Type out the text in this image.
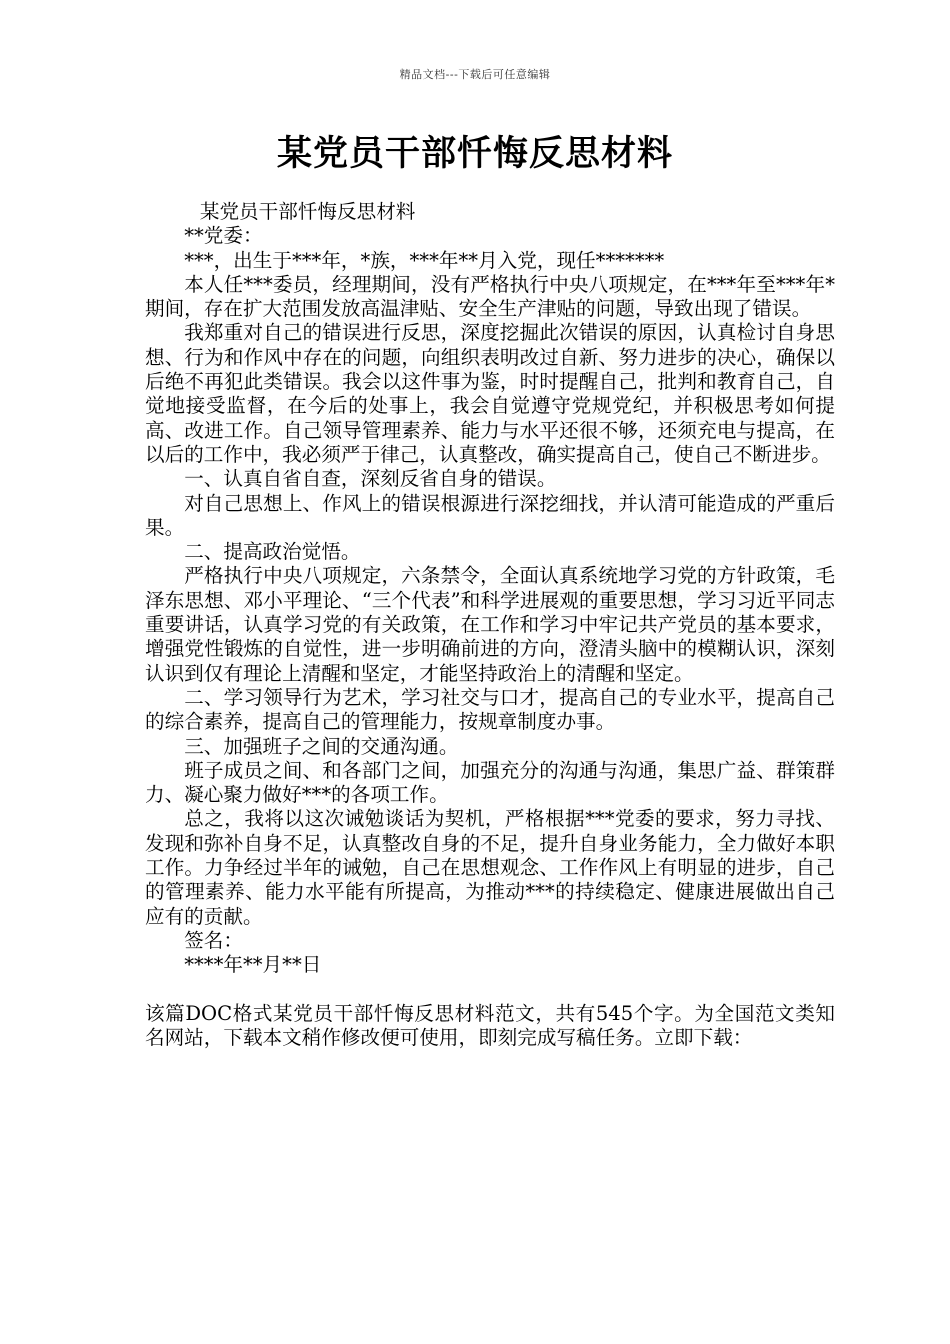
精品文档---下载后可任意编辑
某党员干部忏悔反思材料

某党员干部忏悔反思材料

**党委：

***，出生于***年，*族，***年**月入党，现任*******

本人任***委员，经理期间，没有严格执行中央八项规定，在***年至***年*期间，存在扩大范围发放高温津贴、安全生产津贴的问题，导致出现了错误。

我郑重对自己的错误进行反思，深度挖掘此次错误的原因，认真检讨自身思想、行为和作风中存在的问题，向组织表明改过自新、努力进步的决心，确保以后绝不再犯此类错误。我会以这件事为鉴，时时提醒自己，批判和教育自己，自觉地接受监督，在今后的处事上，我会自觉遵守党规党纪，并积极思考如何提高、改进工作。自己领导管理素养、能力与水平还很不够，还须充电与提高，在以后的工作中，我必须严于律己，认真整改，确实提高自己，使自己不断进步。

一、认真自省自查，深刻反省自身的错误。

对自己思想上、作风上的错误根源进行深挖细找，并认清可能造成的严重后果。

二、提高政治觉悟。

严格执行中央八项规定，六条禁令，全面认真系统地学习党的方针政策，毛泽东思想、邓小平理论、“三个代表”和科学进展观的重要思想，学习习近平同志重要讲话，认真学习党的有关政策，在工作和学习中牢记共产党员的基本要求，增强党性锻炼的自觉性，进一步明确前进的方向，澄清头脑中的模糊认识，深刻认识到仅有理论上清醒和坚定，才能坚持政治上的清醒和坚定。

二、学习领导行为艺术，学习社交与口才，提高自己的专业水平，提高自己的综合素养，提高自己的管理能力，按规章制度办事。

三、加强班子之间的交通沟通。

班子成员之间、和各部门之间，加强充分的沟通与沟通，集思广益、群策群力、凝心聚力做好***的各项工作。

总之，我将以这次诫勉谈话为契机，严格根据***党委的要求，努力寻找、发现和弥补自身不足，认真整改自身的不足，提升自身业务能力，全力做好本职工作。力争经过半年的诫勉，自己在思想观念、工作作风上有明显的进步，自己的管理素养、能力水平能有所提高，为推动***的持续稳定、健康进展做出自己应有的贡献。

签名：

****年**月**日

该篇DOC格式某党员干部忏悔反思材料范文，共有545个字。为全国范文类知名网站，下载本文稍作修改便可使用，即刻完成写稿任务。立即下载：
